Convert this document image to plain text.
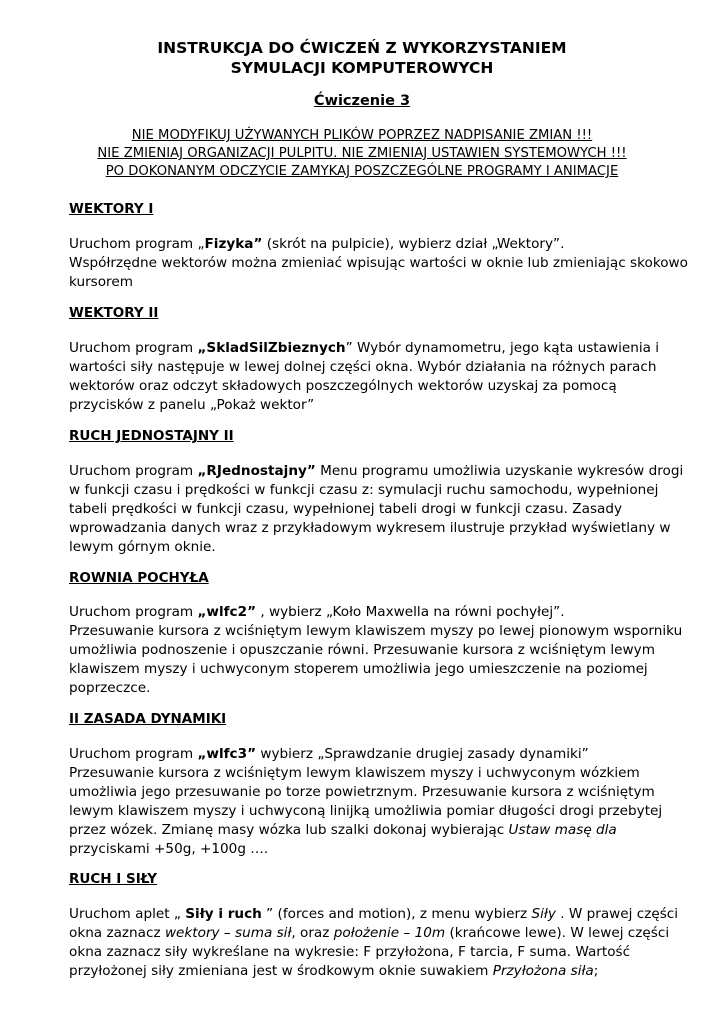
INSTRUKCJA DO ĆWICZEŃ Z WYKORZYSTANIEM
SYMULACJI KOMPUTEROWYCH
Ćwiczenie 3
NIE MODYFIKUJ UŻYWANYCH PLIKÓW POPRZEZ NADPISANIE ZMIAN !!!
NIE ZMIENIAJ ORGANIZACJI PULPITU. NIE ZMIENIAJ USTAWIEN SYSTEMOWYCH !!!
PO DOKONANYM ODCZYCIE ZAMYKAJ POSZCZEGÓLNE PROGRAMY I ANIMACJE
WEKTORY I
Uruchom program „Fizyka” (skrót na pulpicie), wybierz dział „Wektory”.
Współrzędne wektorów można zmieniać wpisując wartości w oknie lub zmieniając skokowo
kursorem
WEKTORY II
Uruchom program „SkladSilZbieznych” Wybór dynamometru, jego kąta ustawienia i
wartości siły następuje w lewej dolnej części okna. Wybór działania na różnych parach
wektorów oraz odczyt składowych poszczególnych wektorów uzyskaj za pomocą
przycisków z panelu „Pokaż wektor”
RUCH JEDNOSTAJNY II
Uruchom program „RJednostajny” Menu programu umożliwia uzyskanie wykresów drogi
w funkcji czasu i prędkości w funkcji czasu z: symulacji ruchu samochodu, wypełnionej
tabeli prędkości w funkcji czasu, wypełnionej tabeli drogi w funkcji czasu. Zasady
wprowadzania danych wraz z przykładowym wykresem ilustruje przykład wyświetlany w
lewym górnym oknie.
ROWNIA POCHYŁA
Uruchom program „wlfc2” , wybierz „Koło Maxwella na równi pochyłej”.
Przesuwanie kursora z wciśniętym lewym klawiszem myszy po lewej pionowym wsporniku
umożliwia podnoszenie i opuszczanie równi. Przesuwanie kursora z wciśniętym lewym
klawiszem myszy i uchwyconym stoperem umożliwia jego umieszczenie na poziomej
poprzeczce.
II ZASADA DYNAMIKI
Uruchom program „wlfc3” wybierz „Sprawdzanie drugiej zasady dynamiki”
Przesuwanie kursora z wciśniętym lewym klawiszem myszy i uchwyconym wózkiem
umożliwia jego przesuwanie po torze powietrznym. Przesuwanie kursora z wciśniętym
lewym klawiszem myszy i uchwyconą linijką umożliwia pomiar długości drogi przebytej
przez wózek. Zmianę masy wózka lub szalki dokonaj wybierając Ustaw masę dla
przyciskami +50g, +100g ….
RUCH I SIŁY
Uruchom aplet „ Siły i ruch ” (forces and motion), z menu wybierz Siły . W prawej części
okna zaznacz wektory – suma sił, oraz położenie – 10m (krańcowe lewe). W lewej części
okna zaznacz siły wykreślane na wykresie: F przyłożona, F tarcia, F suma. Wartość
przyłożonej siły zmieniana jest w środkowym oknie suwakiem Przyłożona siła;
